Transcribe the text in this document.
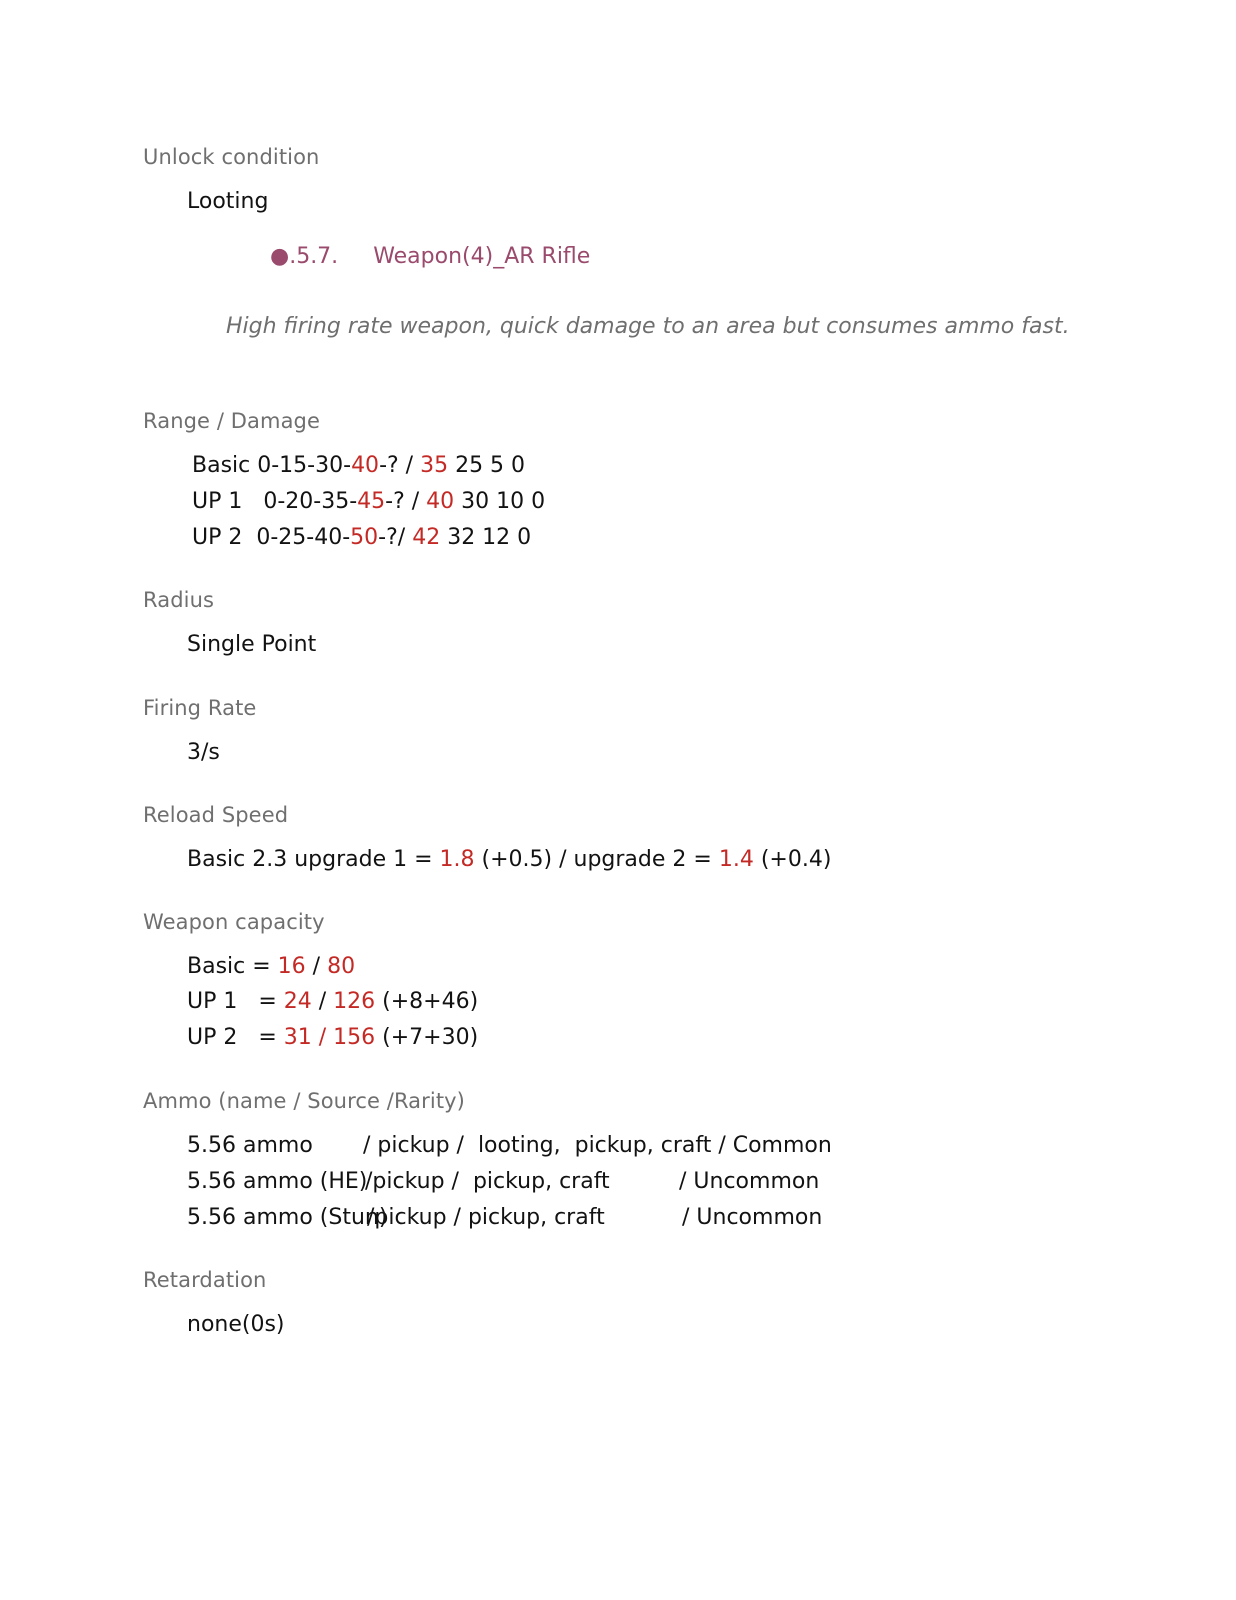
Unlock condition
Looting
●.5.7. Weapon(4)_AR Rifle
High firing rate weapon, quick damage to an area but consumes ammo fast.
Range / Damage
Basic 0-15-30-40-? / 35 25 5 0
UP 1 0-20-35-45-? / 40 30 10 0
UP 2 0-25-40-50-?/ 42 32 12 0
Radius
Single Point
Firing Rate
3/s
Reload Speed
Basic 2.3 upgrade 1 = 1.8 (+0.5) / upgrade 2 = 1.4 (+0.4)
Weapon capacity
Basic = 16 / 80
UP 1   = 24 / 126 (+8+46)
UP 2   = 31 / 156 (+7+30)
Ammo (name / Source /Rarity)
5.56 ammo / pickup /  looting,  pickup, craft / Common
5.56 ammo (HE)
/pickup /  pickup, craft	/ Uncommon
5.56 ammo (Stun)
/pickup / pickup, craft	/ Uncommon
Retardation
none(0s)
